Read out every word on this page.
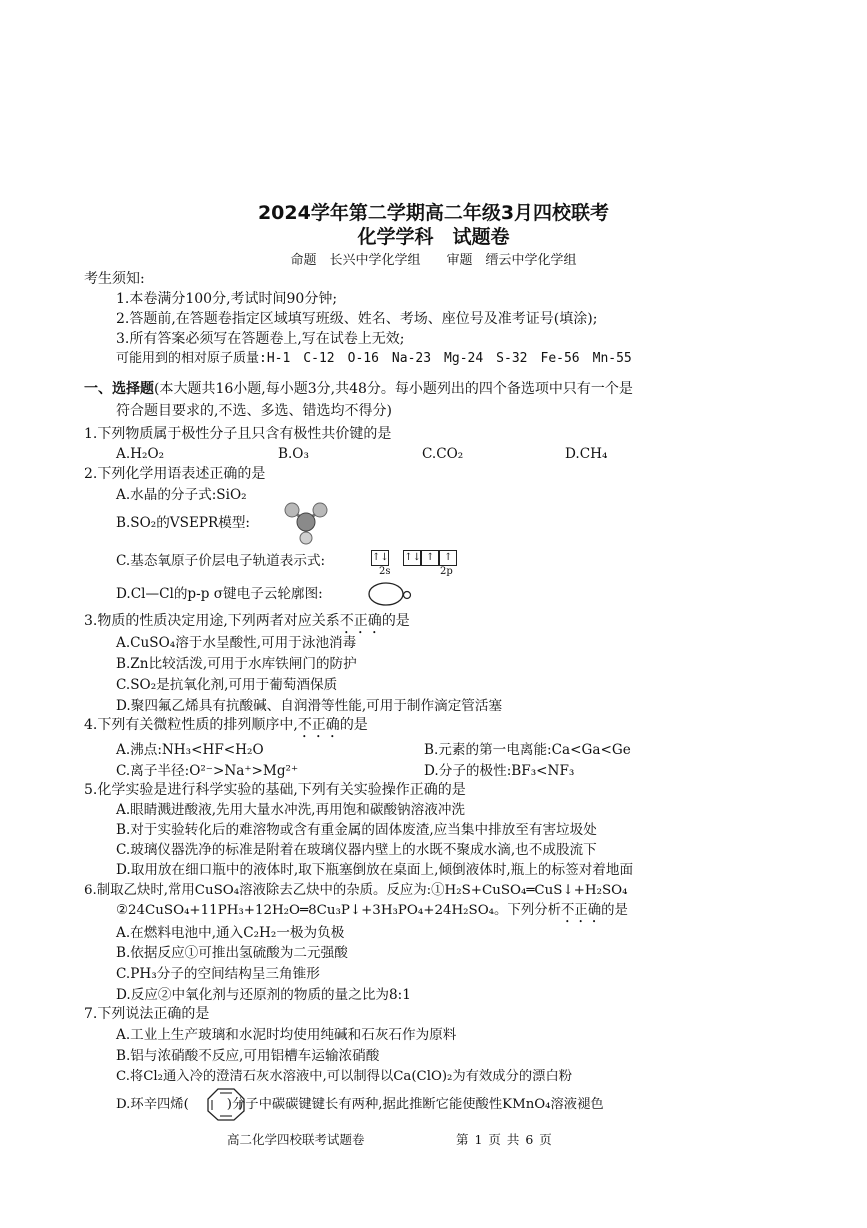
2024学年第二学期高二年级3月四校联考
化学学科　试题卷
命题　长兴中学化学组　　审题　缙云中学化学组
考生须知:
1.本卷满分100分,考试时间90分钟;
2.答题前,在答题卷指定区域填写班级、姓名、考场、座位号及准考证号(填涂);
3.所有答案必须写在答题卷上,写在试卷上无效;
可能用到的相对原子质量:H-1　C-12　O-16　Na-23　Mg-24　S-32　Fe-56　Mn-55
一、选择题(本大题共16小题,每小题3分,共48分。每小题列出的四个备选项中只有一个是
符合题目要求的,不选、多选、错选均不得分)
1.下列物质属于极性分子且只含有极性共价键的是
A.H₂O₂	B.O₃	C.CO₂	D.CH₄
2.下列化学用语表述正确的是
A.水晶的分子式:SiO₂
B.SO₂的VSEPR模型:
C.基态氧原子价层电子轨道表示式:	↑↓ ↑↓ ↑ ↑
2s	2p
D.Cl—Cl的p-p σ键电子云轮廓图:
3.物质的性质决定用途,下列两者对应关系不正确的是
A.CuSO₄溶于水呈酸性,可用于泳池消毒
B.Zn比较活泼,可用于水库铁闸门的防护
C.SO₂是抗氧化剂,可用于葡萄酒保质
D.聚四氟乙烯具有抗酸碱、自润滑等性能,可用于制作滴定管活塞
4.下列有关微粒性质的排列顺序中,不正确的是
A.沸点:NH₃<HF<H₂O	B.元素的第一电离能:Ca<Ga<Ge
C.离子半径:O²⁻>Na⁺>Mg²⁺	D.分子的极性:BF₃<NF₃
5.化学实验是进行科学实验的基础,下列有关实验操作正确的是
A.眼睛溅进酸液,先用大量水冲洗,再用饱和碳酸钠溶液冲洗
B.对于实验转化后的难溶物或含有重金属的固体废渣,应当集中排放至有害垃圾处
C.玻璃仪器洗净的标准是附着在玻璃仪器内壁上的水既不聚成水滴,也不成股流下
D.取用放在细口瓶中的液体时,取下瓶塞倒放在桌面上,倾倒液体时,瓶上的标签对着地面
6.制取乙炔时,常用CuSO₄溶液除去乙炔中的杂质。反应为:①H₂S+CuSO₄═CuS↓+H₂SO₄
②24CuSO₄+11PH₃+12H₂O═8Cu₃P↓+3H₃PO₄+24H₂SO₄。下列分析不正确的是
A.在燃料电池中,通入C₂H₂一极为负极
B.依据反应①可推出氢硫酸为二元强酸
C.PH₃分子的空间结构呈三角锥形
D.反应②中氧化剂与还原剂的物质的量之比为8:1
7.下列说法正确的是
A.工业上生产玻璃和水泥时均使用纯碱和石灰石作为原料
B.铝与浓硝酸不反应,可用铝槽车运输浓硝酸
C.将Cl₂通入冷的澄清石灰水溶液中,可以制得以Ca(ClO)₂为有效成分的漂白粉
D.环辛四烯(	)分子中碳碳键键长有两种,据此推断它能使酸性KMnO₄溶液褪色
高二化学四校联考试题卷	第 1 页 共 6 页
